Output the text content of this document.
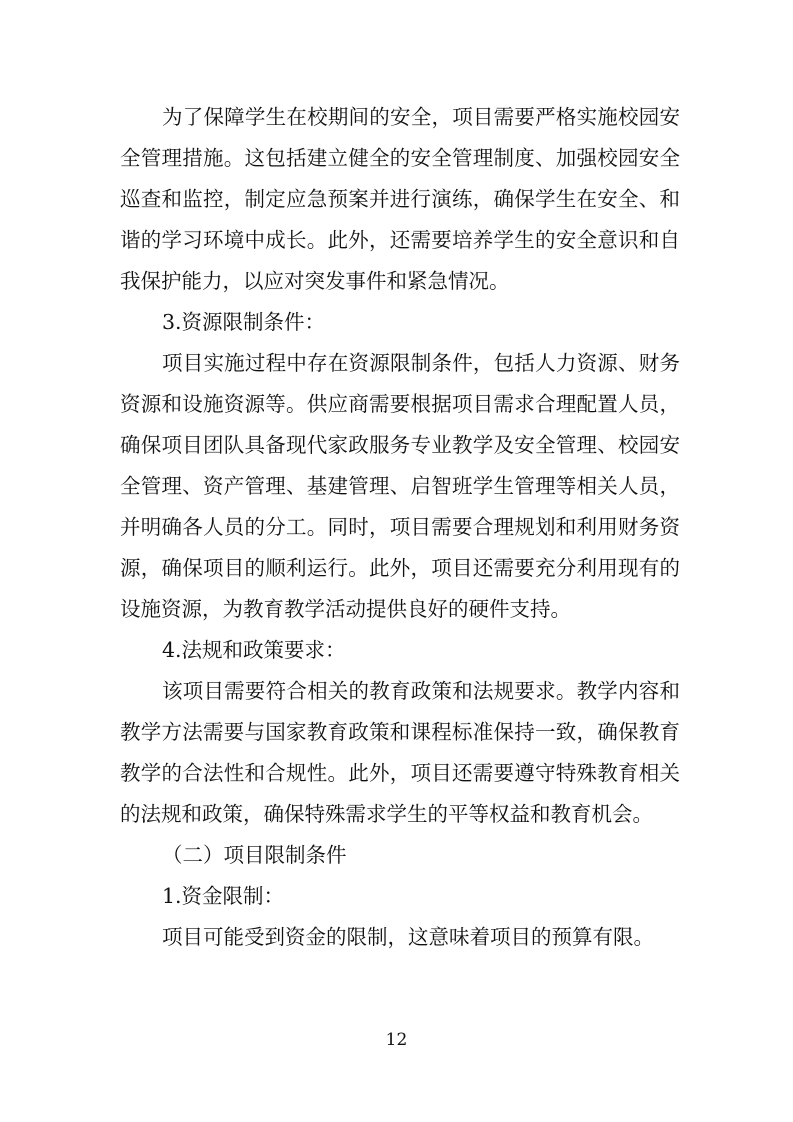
为了保障学生在校期间的安全，项目需要严格实施校园安全管理措施。这包括建立健全的安全管理制度、加强校园安全巡查和监控，制定应急预案并进行演练，确保学生在安全、和谐的学习环境中成长。此外，还需要培养学生的安全意识和自我保护能力，以应对突发事件和紧急情况。

3.资源限制条件：

项目实施过程中存在资源限制条件，包括人力资源、财务资源和设施资源等。供应商需要根据项目需求合理配置人员，确保项目团队具备现代家政服务专业教学及安全管理、校园安全管理、资产管理、基建管理、启智班学生管理等相关人员，并明确各人员的分工。同时，项目需要合理规划和利用财务资源，确保项目的顺利运行。此外，项目还需要充分利用现有的设施资源，为教育教学活动提供良好的硬件支持。

4.法规和政策要求：

该项目需要符合相关的教育政策和法规要求。教学内容和教学方法需要与国家教育政策和课程标准保持一致，确保教育教学的合法性和合规性。此外，项目还需要遵守特殊教育相关的法规和政策，确保特殊需求学生的平等权益和教育机会。

（二）项目限制条件

1.资金限制：

项目可能受到资金的限制，这意味着项目的预算有限。

12
